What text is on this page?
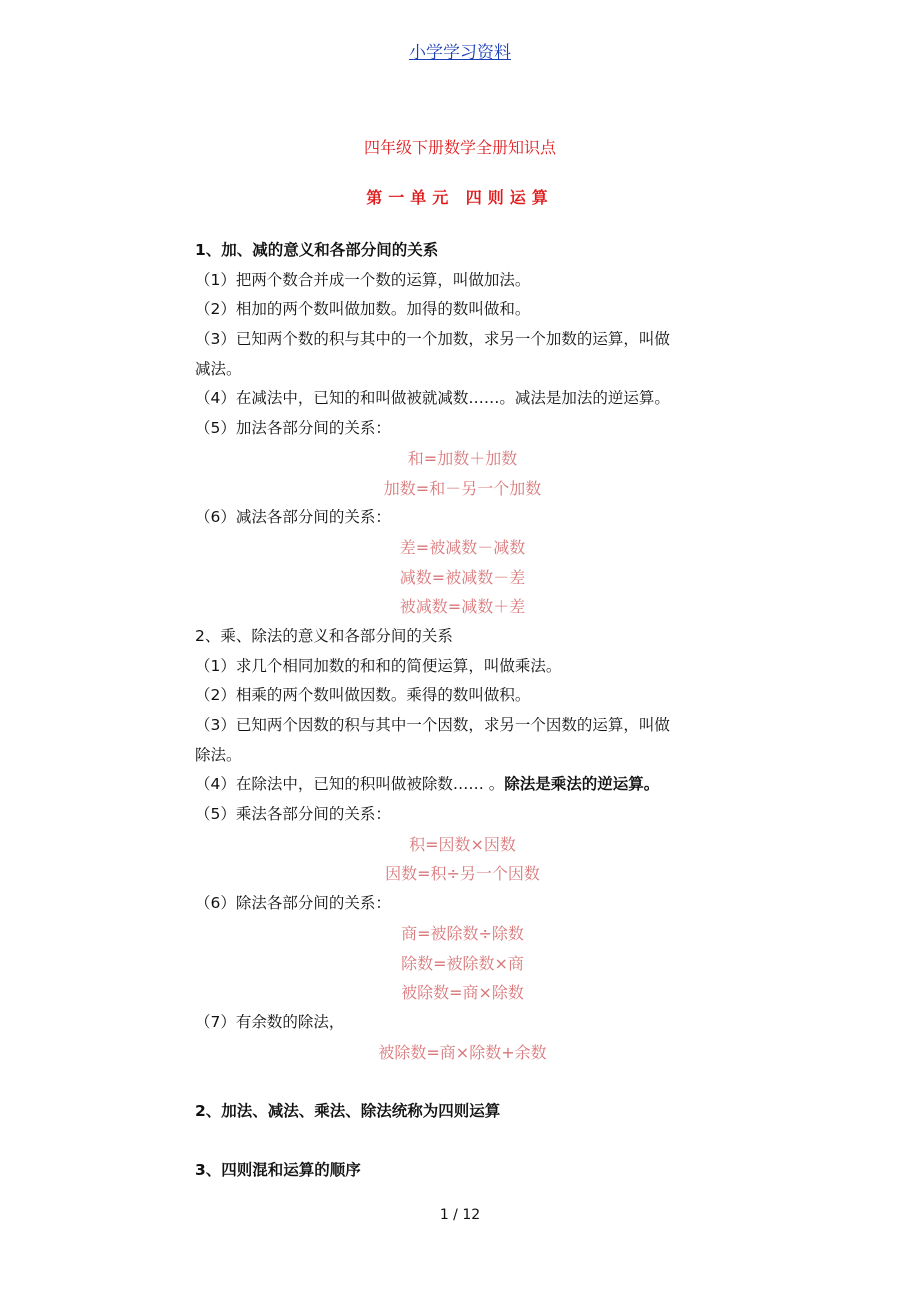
小学学习资料
四年级下册数学全册知识点
第一单元 四则运算
1、加、减的意义和各部分间的关系
（1）把两个数合并成一个数的运算，叫做加法。
（2）相加的两个数叫做加数。加得的数叫做和。
（3）已知两个数的积与其中的一个加数，求另一个加数的运算，叫做
减法。
（4）在减法中，已知的和叫做被就减数……。减法是加法的逆运算。
（5）加法各部分间的关系：
和=加数＋加数
加数=和－另一个加数
（6）减法各部分间的关系：
差=被减数－减数
减数=被减数－差
被减数=减数＋差
2、乘、除法的意义和各部分间的关系
（1）求几个相同加数的和和的简便运算，叫做乘法。
（2）相乘的两个数叫做因数。乘得的数叫做积。
（3）已知两个因数的积与其中一个因数，求另一个因数的运算，叫做
除法。
（4）在除法中，已知的积叫做被除数…… 。除法是乘法的逆运算。
（5）乘法各部分间的关系：
积=因数×因数
因数=积÷另一个因数
（6）除法各部分间的关系：
商=被除数÷除数
除数=被除数×商
被除数=商×除数
（7）有余数的除法，
被除数=商×除数+余数
2、加法、减法、乘法、除法统称为四则运算
3、四则混和运算的顺序
1 / 12
